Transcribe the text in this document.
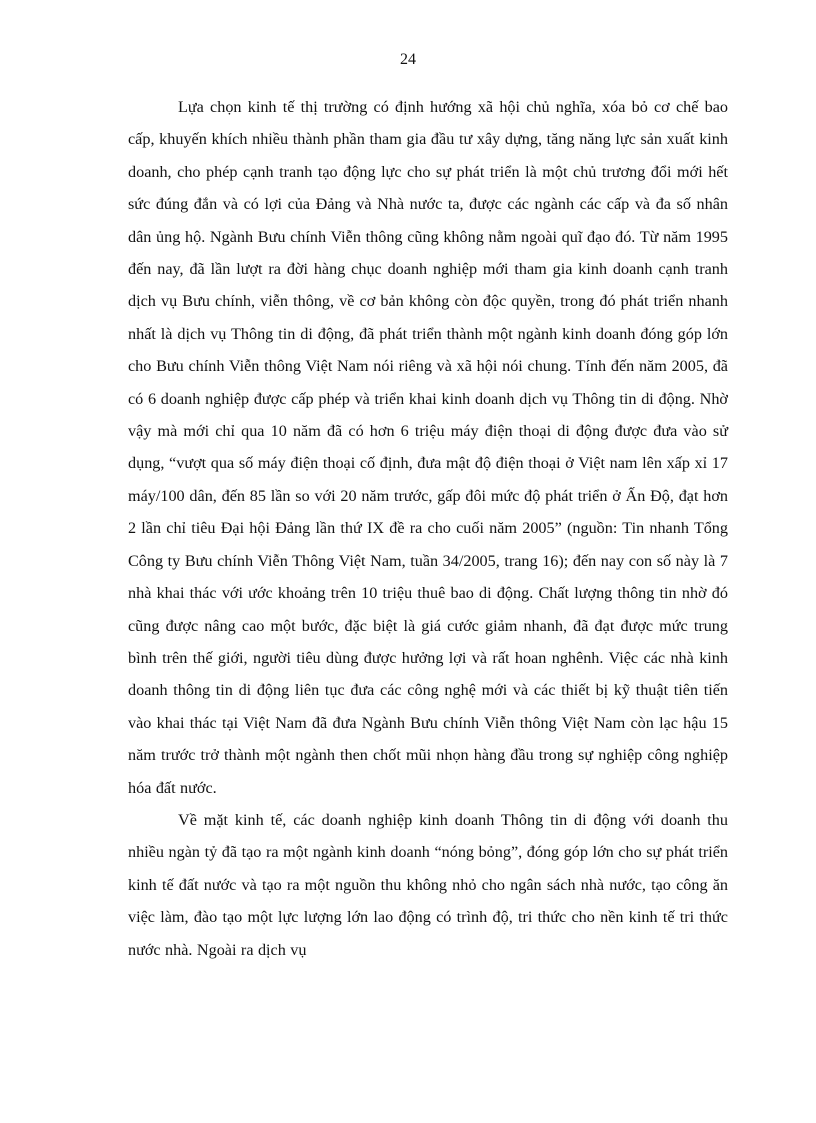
24

Lựa chọn kinh tế thị trường có định hướng xã hội chủ nghĩa, xóa bỏ cơ chế bao cấp, khuyến khích nhiều thành phần tham gia đầu tư xây dựng, tăng năng lực sản xuất kinh doanh, cho phép cạnh tranh tạo động lực cho sự phát triển là một chủ trương đổi mới hết sức đúng đắn và có lợi của Đảng và Nhà nước ta, được các ngành các cấp và đa số nhân dân ủng hộ. Ngành Bưu chính Viễn thông cũng không nằm ngoài quĩ đạo đó. Từ năm 1995 đến nay, đã lần lượt ra đời hàng chục doanh nghiệp mới tham gia kinh doanh cạnh tranh dịch vụ Bưu chính, viễn thông, về cơ bản không còn độc quyền, trong đó phát triển nhanh nhất là dịch vụ Thông tin di động, đã phát triển thành một ngành kinh doanh đóng góp lớn cho Bưu chính Viễn thông Việt Nam nói riêng và xã hội nói chung. Tính đến năm 2005, đã có 6 doanh nghiệp được cấp phép và triển khai kinh doanh dịch vụ Thông tin di động. Nhờ vậy mà mới chỉ qua 10 năm đã có hơn 6 triệu máy điện thoại di động được đưa vào sử dụng, “vượt qua số máy điện thoại cố định, đưa mật độ điện thoại ở Việt nam lên xấp xỉ 17 máy/100 dân, đến 85 lần so với 20 năm trước, gấp đôi mức độ phát triển ở Ấn Độ, đạt hơn 2 lần chỉ tiêu Đại hội Đảng lần thứ IX đề ra cho cuối năm 2005” (nguồn: Tin nhanh Tổng Công ty Bưu chính Viễn Thông Việt Nam, tuần 34/2005, trang 16); đến nay con số này là 7 nhà khai thác với ước khoảng trên 10 triệu thuê bao di động. Chất lượng thông tin nhờ đó cũng được nâng cao một bước, đặc biệt là giá cước giảm nhanh, đã đạt được mức trung bình trên thế giới, người tiêu dùng được hưởng lợi và rất hoan nghênh. Việc các nhà kinh doanh thông tin di động liên tục đưa các công nghệ mới và các thiết bị kỹ thuật tiên tiến vào khai thác tại Việt Nam đã đưa Ngành Bưu chính Viễn thông Việt Nam còn lạc hậu 15 năm trước trở thành một ngành then chốt mũi nhọn hàng đầu trong sự nghiệp công nghiệp hóa đất nước.

Về mặt kinh tế, các doanh nghiệp kinh doanh Thông tin di động với doanh thu nhiều ngàn tỷ đã tạo ra một ngành kinh doanh “nóng bỏng”, đóng góp lớn cho sự phát triển kinh tế đất nước và tạo ra một nguồn thu không nhỏ cho ngân sách nhà nước, tạo công ăn việc làm, đào tạo một lực lượng lớn lao động có trình độ, tri thức cho nền kinh tế tri thức nước nhà. Ngoài ra dịch vụ
